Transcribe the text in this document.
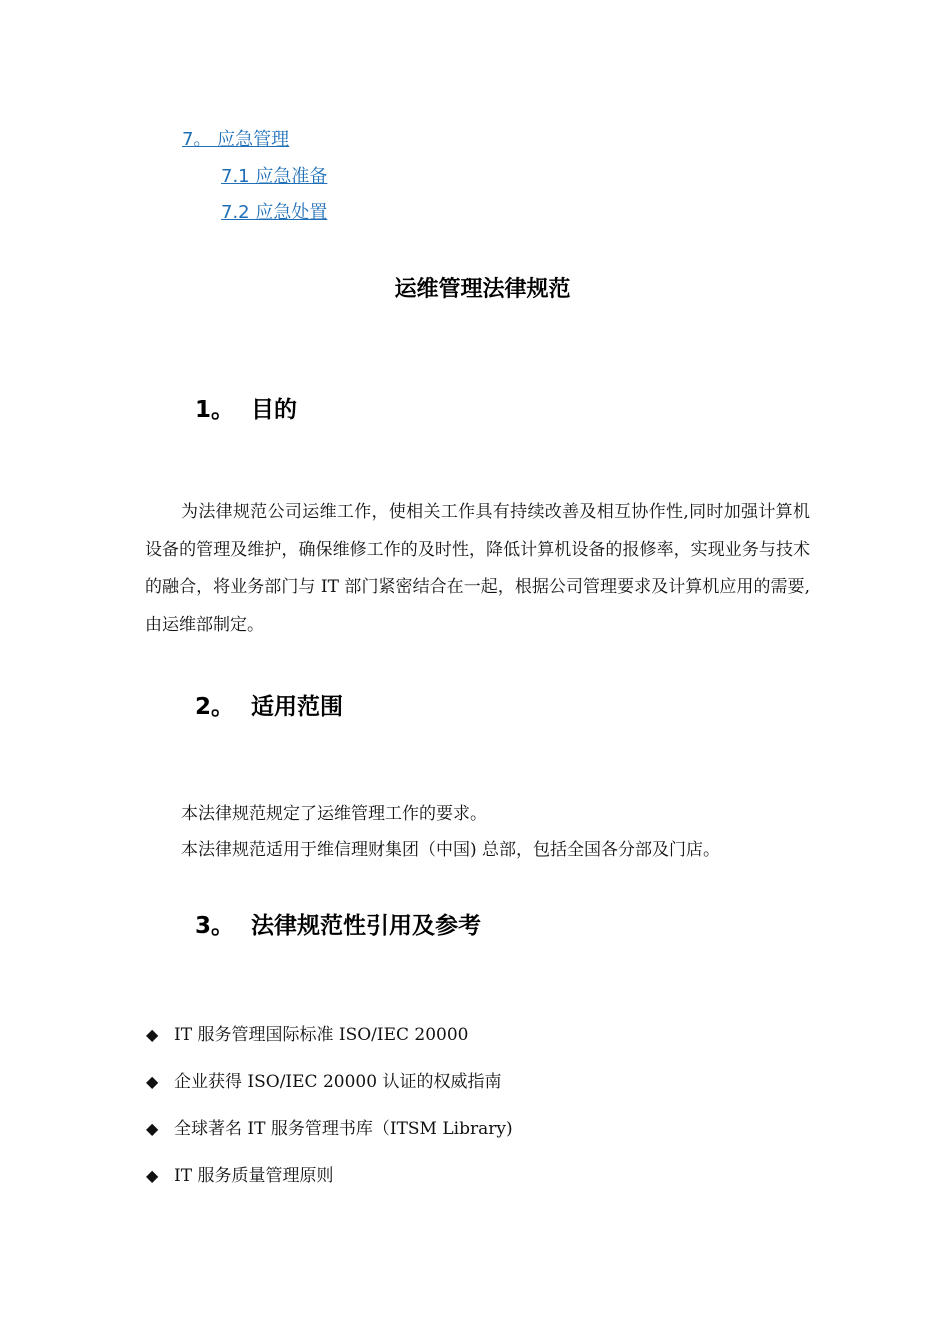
7。 应急管理
7.1 应急准备
7.2 应急处置
运维管理法律规范
1。 目的
为法律规范公司运维工作，使相关工作具有持续改善及相互协作性,同时加强计算机设备的管理及维护，确保维修工作的及时性，降低计算机设备的报修率，实现业务与技术的融合，将业务部门与 IT 部门紧密结合在一起，根据公司管理要求及计算机应用的需要,由运维部制定。
2。 适用范围
本法律规范规定了运维管理工作的要求。
本法律规范适用于维信理财集团（中国) 总部，包括全国各分部及门店。
3。 法律规范性引用及参考
◆ IT 服务管理国际标准 ISO/IEC 20000
◆ 企业获得 ISO/IEC 20000 认证的权威指南
◆ 全球著名 IT 服务管理书库（ITSM Library)
◆ IT 服务质量管理原则
